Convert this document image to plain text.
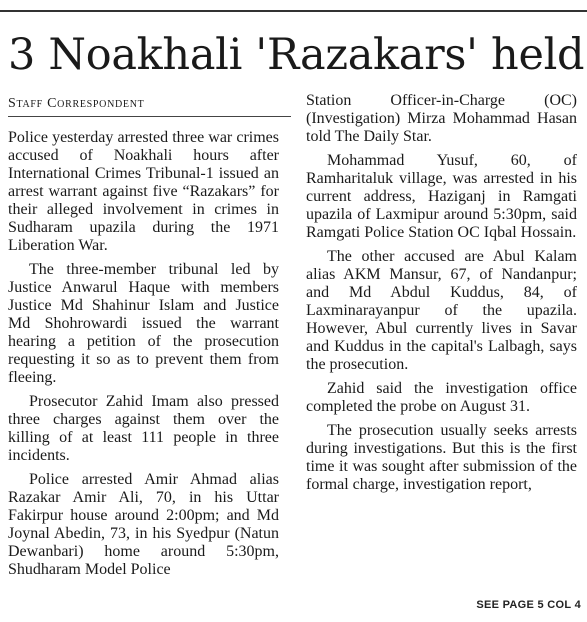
3 Noakhali 'Razakars' held
Staff Correspondent

Police yesterday arrested three war crimes accused of Noakhali hours after International Crimes Tribunal-1 issued an arrest warrant against five “Razakars” for their alleged involvement in crimes in Sudharam upazila during the 1971 Liberation War.

The three-member tribunal led by Justice Anwarul Haque with members Justice Md Shahinur Islam and Justice Md Shohrowardi issued the warrant hearing a petition of the prosecution requesting it so as to prevent them from fleeing.

Prosecutor Zahid Imam also pressed three charges against them over the killing of at least 111 people in three incidents.

Police arrested Amir Ahmad alias Razakar Amir Ali, 70, in his Uttar Fakirpur house around 2:00pm; and Md Joynal Abedin, 73, in his Syedpur (Natun Dewanbari) home around 5:30pm, Shudharam Model Police

Station Officer-in-Charge (OC) (Investigation) Mirza Mohammad Hasan told The Daily Star.

Mohammad Yusuf, 60, of Ramharitaluk village, was arrested in his current address, Haziganj in Ramgati upazila of Laxmipur around 5:30pm, said Ramgati Police Station OC Iqbal Hossain.

The other accused are Abul Kalam alias AKM Mansur, 67, of Nandanpur; and Md Abdul Kuddus, 84, of Laxminarayanpur of the upazila. However, Abul currently lives in Savar and Kuddus in the capital's Lalbagh, says the prosecution.

Zahid said the investigation office completed the probe on August 31.

The prosecution usually seeks arrests during investigations. But this is the first time it was sought after submission of the formal charge, investigation report,

SEE PAGE 5 COL 4
